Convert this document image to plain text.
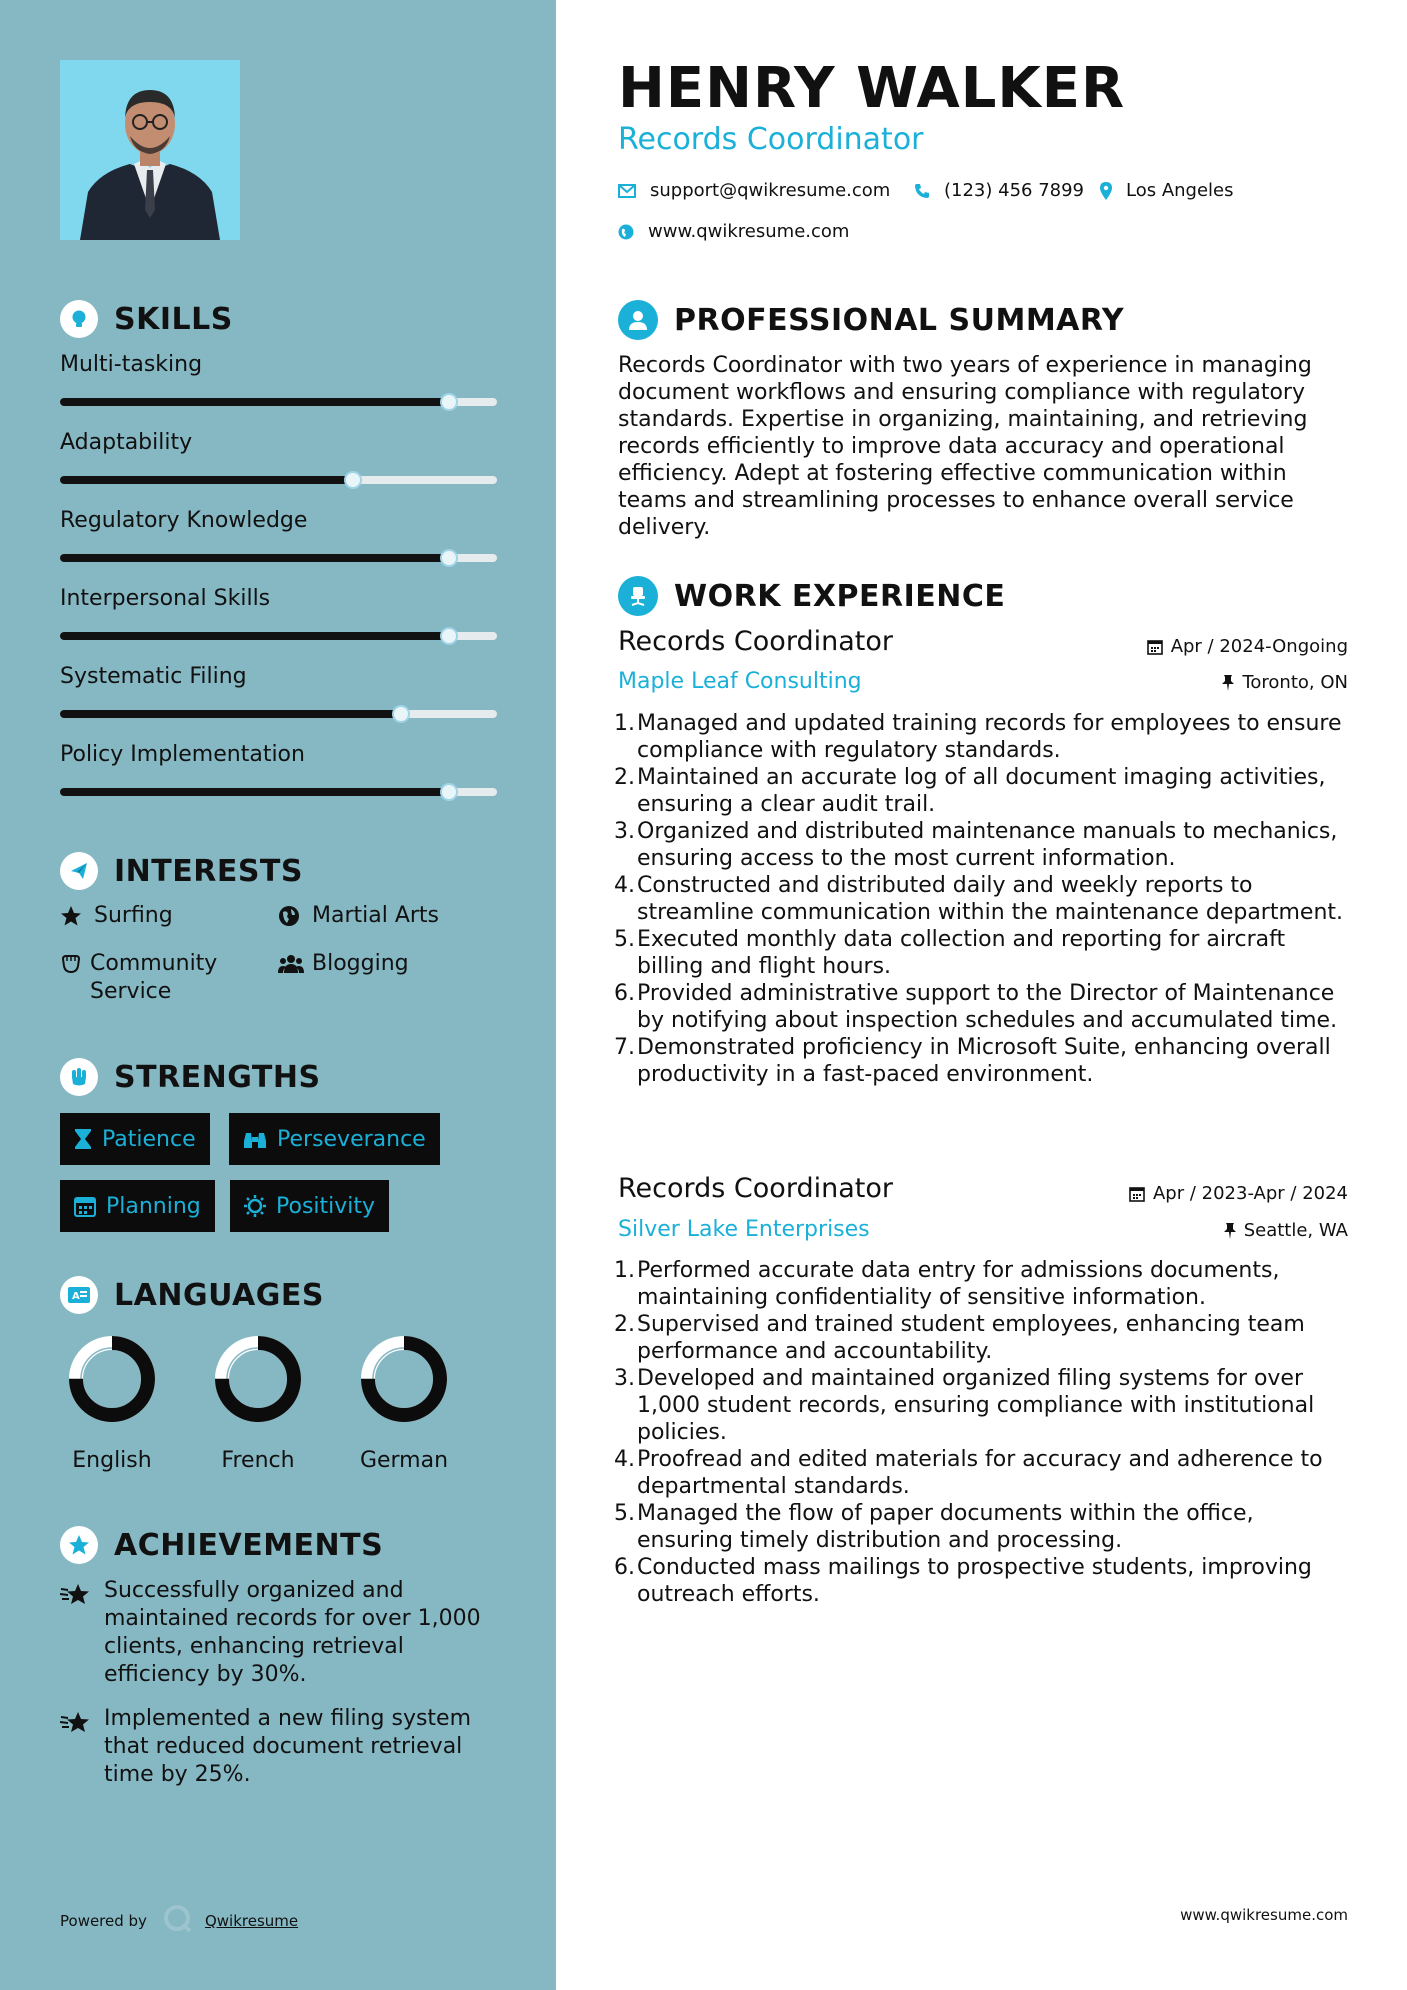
SKILLS
Multi-tasking
Adaptability
Regulatory Knowledge
Interpersonal Skills
Systematic Filing
Policy Implementation
INTERESTS
Surfing	Martial Arts
Community Service
Blogging
STRENGTHS
Patience	Perseverance
Planning	Positivity
A LANGUAGES
English	French	German
ACHIEVEMENTS
Successfully organized and maintained records for over 1,000 clients, enhancing retrieval efficiency by 30%.
Implemented a new filing system that reduced document retrieval time by 25%.
Powered by	Qwikresume
HENRY WALKER
Records Coordinator
support@qwikresume.com	(123) 456 7899 Los Angeles
www.qwikresume.com
PROFESSIONAL SUMMARY
Records Coordinator with two years of experience in managing document workflows and ensuring compliance with regulatory standards. Expertise in organizing, maintaining, and retrieving records efficiently to improve data accuracy and operational efficiency. Adept at fostering effective communication within teams and streamlining processes to enhance overall service delivery.
WORK EXPERIENCE
Records Coordinator	Apr / 2024-Ongoing
Maple Leaf Consulting	Toronto, ON
1. Managed and updated training records for employees to ensure compliance with regulatory standards.
2. Maintained an accurate log of all document imaging activities, ensuring a clear audit trail.
3. Organized and distributed maintenance manuals to mechanics, ensuring access to the most current information.
4. Constructed and distributed daily and weekly reports to streamline communication within the maintenance department.
5. Executed monthly data collection and reporting for aircraft billing and flight hours.
6. Provided administrative support to the Director of Maintenance by notifying about inspection schedules and accumulated time.
7. Demonstrated proficiency in Microsoft Suite, enhancing overall productivity in a fast-paced environment.
Records Coordinator	Apr / 2023-Apr / 2024
Silver Lake Enterprises	Seattle, WA
1. Performed accurate data entry for admissions documents, maintaining confidentiality of sensitive information.
2. Supervised and trained student employees, enhancing team performance and accountability.
3. Developed and maintained organized filing systems for over 1,000 student records, ensuring compliance with institutional policies.
4. Proofread and edited materials for accuracy and adherence to departmental standards.
5. Managed the flow of paper documents within the office, ensuring timely distribution and processing.
6. Conducted mass mailings to prospective students, improving outreach efforts.
www.qwikresume.com
